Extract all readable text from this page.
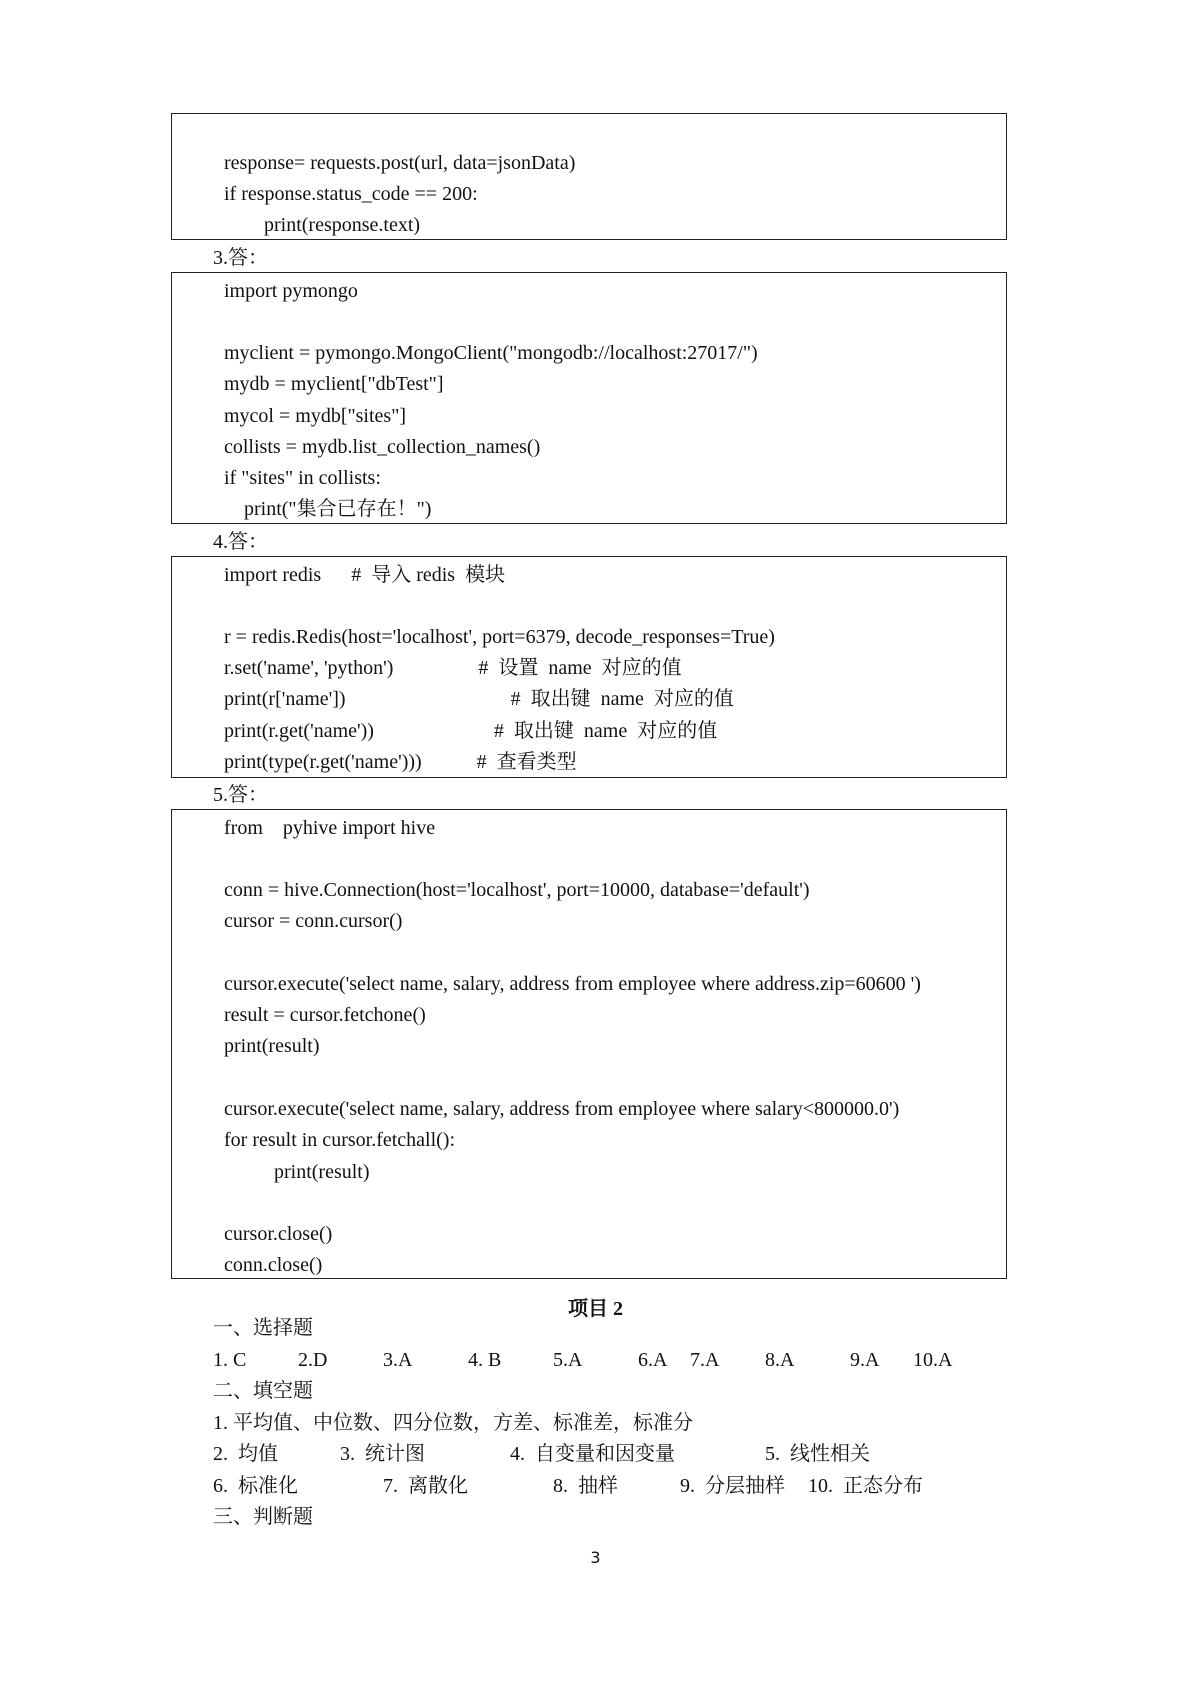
response= requests.post(url, data=jsonData)
if response.status_code == 200:
print(response.text)
3.答：
import pymongo
myclient = pymongo.MongoClient("mongodb://localhost:27017/")
mydb = myclient["dbTest"]
mycol = mydb["sites"]
collists = mydb.list_collection_names()
if "sites" in collists:
print("集合已存在！")
4.答：
import redis      #  导入 redis  模块
r = redis.Redis(host='localhost', port=6379, decode_responses=True)
r.set('name', 'python')                 #  设置  name  对应的值
print(r['name'])                                 #  取出键  name  对应的值
print(r.get('name'))                        #  取出键  name  对应的值
print(type(r.get('name')))           #  查看类型
5.答：
from    pyhive import hive
conn = hive.Connection(host='localhost', port=10000, database='default')
cursor = conn.cursor()
cursor.execute('select name, salary, address from employee where address.zip=60600 ')
result = cursor.fetchone()
print(result)
cursor.execute('select name, salary, address from employee where salary<800000.0')
for result in cursor.fetchall():
print(result)
cursor.close()
conn.close()
项目 2
一、选择题
1. C	2.D	3.A	4. B	5.A	6.A 7.A 8.A	9.A 10.A
二、填空题
1. 平均值、中位数、四分位数，方差、标准差，标准分
2.  均值	3.  统计图	4.  自变量和因变量	5.  线性相关
6.  标准化	7.  离散化	8.  抽样	9.  分层抽样 10.  正态分布
三、判断题
3
